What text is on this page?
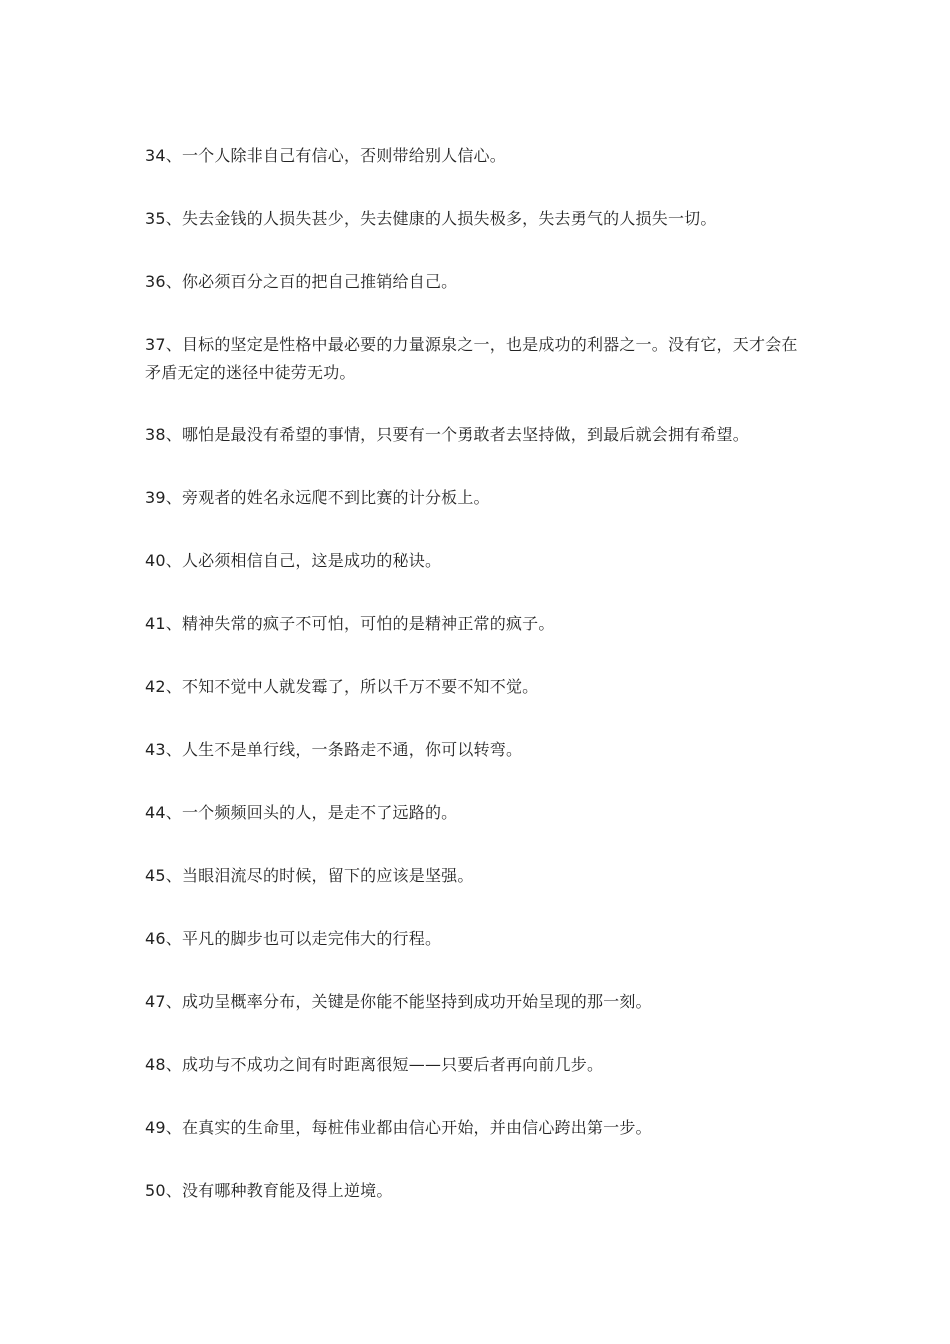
34、一个人除非自己有信心，否则带给别人信心。

35、失去金钱的人损失甚少，失去健康的人损失极多，失去勇气的人损失一切。

36、你必须百分之百的把自己推销给自己。

37、目标的坚定是性格中最必要的力量源泉之一，也是成功的利器之一。没有它，天才会在矛盾无定的迷径中徒劳无功。

38、哪怕是最没有希望的事情，只要有一个勇敢者去坚持做，到最后就会拥有希望。

39、旁观者的姓名永远爬不到比赛的计分板上。

40、人必须相信自己，这是成功的秘诀。

41、精神失常的疯子不可怕，可怕的是精神正常的疯子。

42、不知不觉中人就发霉了，所以千万不要不知不觉。

43、人生不是单行线，一条路走不通，你可以转弯。

44、一个频频回头的人，是走不了远路的。

45、当眼泪流尽的时候，留下的应该是坚强。

46、平凡的脚步也可以走完伟大的行程。

47、成功呈概率分布，关键是你能不能坚持到成功开始呈现的那一刻。

48、成功与不成功之间有时距离很短——只要后者再向前几步。

49、在真实的生命里，每桩伟业都由信心开始，并由信心跨出第一步。

50、没有哪种教育能及得上逆境。
